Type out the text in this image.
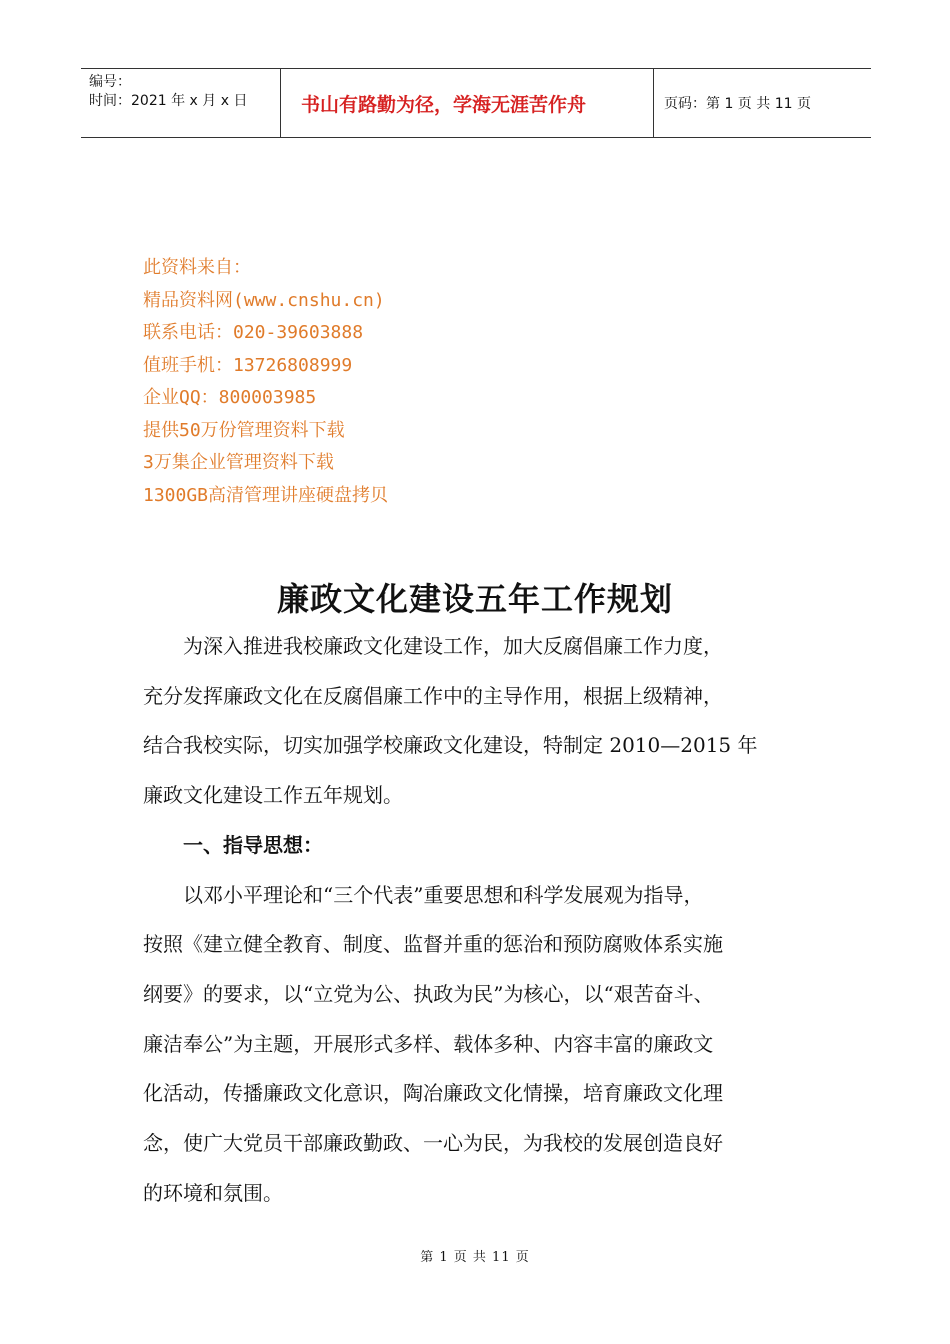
编号：
时间：2021 年 x 月 x 日	书山有路勤为径，学海无涯苦作舟	页码：第 1 页 共 11 页
此资料来自：
精品资料网(www.cnshu.cn)
联系电话：020-39603888
值班手机：13726808999
企业QQ：800003985
提供50万份管理资料下载
3万集企业管理资料下载
1300GB高清管理讲座硬盘拷贝
廉政文化建设五年工作规划

为深入推进我校廉政文化建设工作，加大反腐倡廉工作力度，

充分发挥廉政文化在反腐倡廉工作中的主导作用，根据上级精神，

结合我校实际，切实加强学校廉政文化建设，特制定 2010—2015 年

廉政文化建设工作五年规划。

一、指导思想：

以邓小平理论和“三个代表”重要思想和科学发展观为指导，

按照《建立健全教育、制度、监督并重的惩治和预防腐败体系实施

纲要》的要求，以“立党为公、执政为民”为核心，以“艰苦奋斗、

廉洁奉公”为主题，开展形式多样、载体多种、内容丰富的廉政文

化活动，传播廉政文化意识，陶冶廉政文化情操，培育廉政文化理

念，使广大党员干部廉政勤政、一心为民，为我校的发展创造良好

的环境和氛围。

第 1 页 共 11 页
